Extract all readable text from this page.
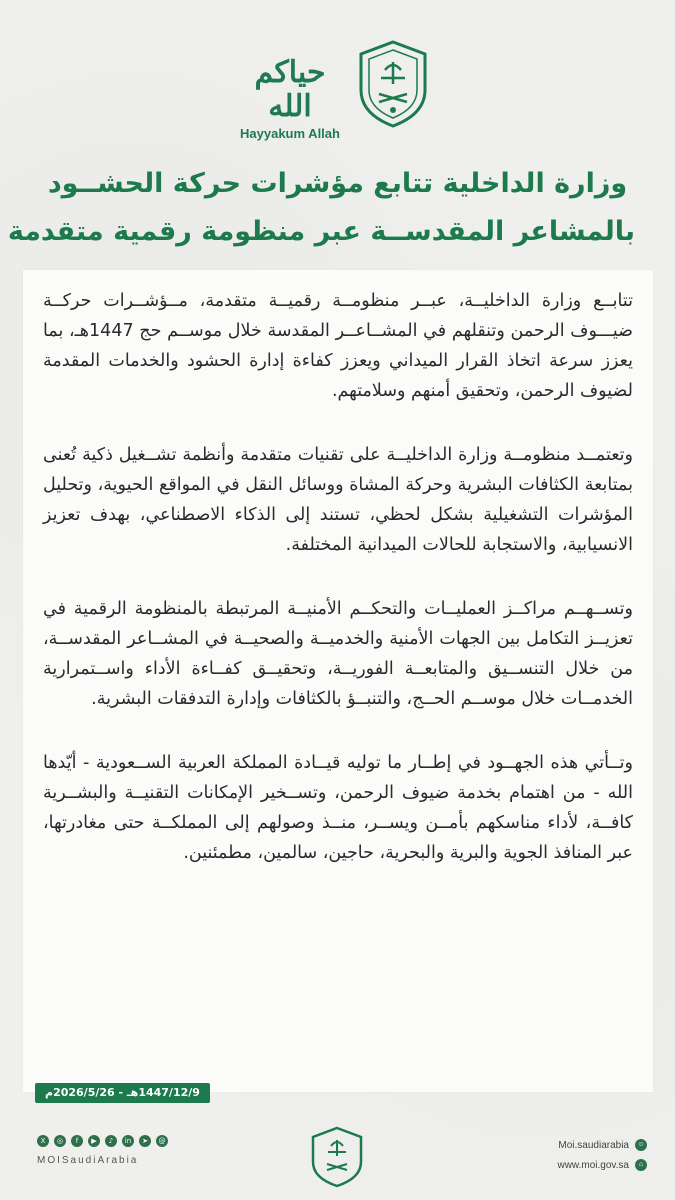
حياكم الله
Hayyakum Allah
وزارة الداخلية تتابع مؤشرات حركة الحشــود
بالمشاعر المقدســة عبر منظومة رقمية متقدمة

تتابــع وزارة الداخليــة، عبــر منظومــة رقميــة متقدمة، مــؤشــرات حركــة ضيـــوف الرحمن وتنقلهم في المشــاعــر المقدسة خلال موســم حج 1447هـ، بما يعزز سرعة اتخاذ القرار الميداني ويعزز كفاءة إدارة الحشود والخدمات المقدمة لضيوف الرحمن، وتحقيق أمنهم وسلامتهم.

وتعتمــد منظومــة وزارة الداخليــة على تقنيات متقدمة وأنظمة تشــغيل ذكية تُعنى بمتابعة الكثافات البشرية وحركة المشاة ووسائل النقل في المواقع الحيوية، وتحليل المؤشرات التشغيلية بشكل لحظي، تستند إلى الذكاء الاصطناعي، بهدف تعزيز الانسيابية، والاستجابة للحالات الميدانية المختلفة.

وتســهــم مراكــز العمليــات والتحكــم الأمنيــة المرتبطة بالمنظومة الرقمية في تعزيــز التكامل بين الجهات الأمنية والخدميــة والصحيــة في المشــاعر المقدســة، من خلال التنســيق والمتابعــة الفوريــة، وتحقيــق كفــاءة الأداء واســتمرارية الخدمــات خلال موســم الحــج، والتنبــؤ بالكثافات وإدارة التدفقات البشرية.

وتــأتي هذه الجهــود في إطــار ما توليه قيــادة المملكة العربية الســعودية - أيّدها الله - من اهتمام بخدمة ضيوف الرحمن، وتســخير الإمكانات التقنيــة والبشــرية كافــة، لأداء مناسكهم بأمــن ويســر، منــذ وصولهم إلى المملكــة حتى مغادرتها، عبر المنافذ الجوية والبرية والبحرية، حاجين، سالمين، مطمئنين.

1447/12/9هـ - 2026/5/26م
X	◎	f	▶	♪	in	➤	@
MOISaudiArabia
Moi.saudiarabia	☺
www.moi.gov.sa	⌂
